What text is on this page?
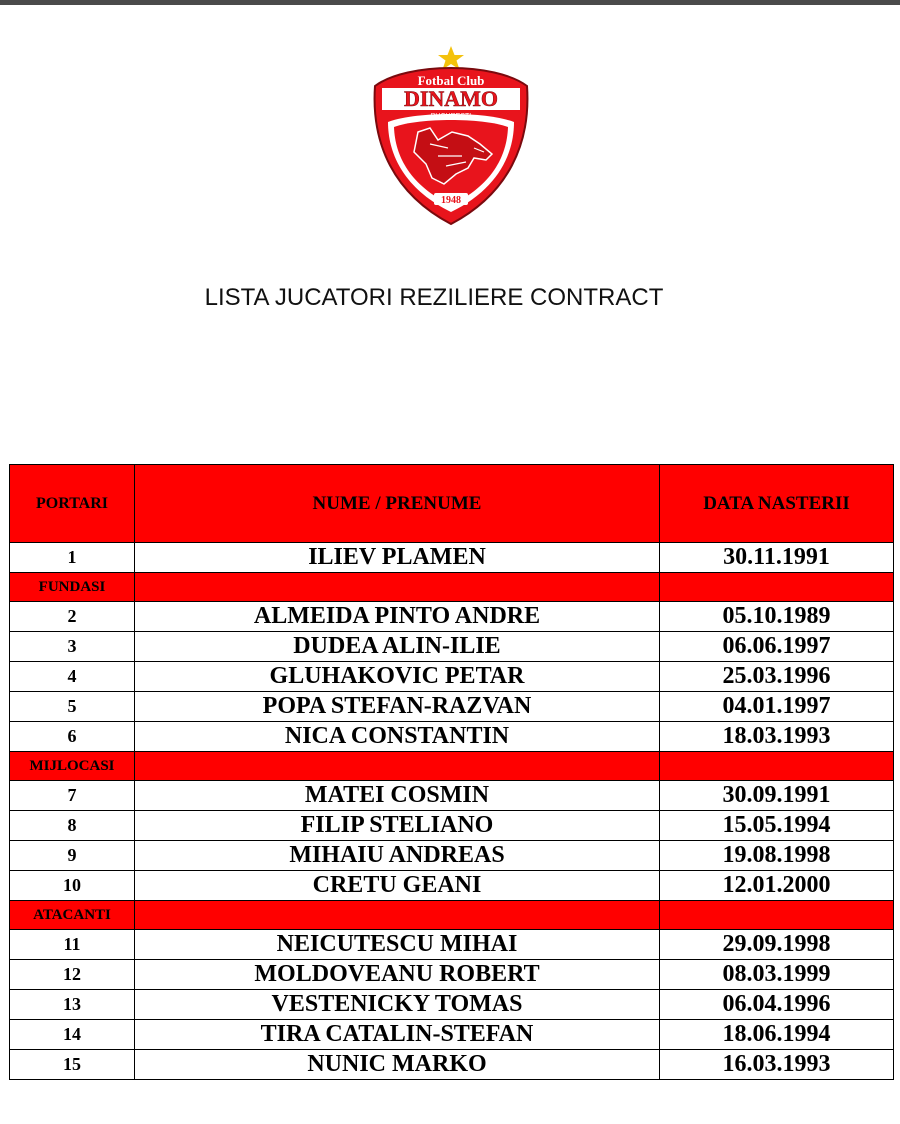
Fotbal Club
DINAMO
BUCURESTI
1948
LISTA JUCATORI REZILIERE CONTRACT
PORTARI	NUME / PRENUME	DATA NASTERII
1	ILIEV PLAMEN	30.11.1991
FUNDASI		
2	ALMEIDA PINTO ANDRE	05.10.1989
3	DUDEA ALIN-ILIE	06.06.1997
4	GLUHAKOVIC PETAR	25.03.1996
5	POPA STEFAN-RAZVAN	04.01.1997
6	NICA CONSTANTIN	18.03.1993
MIJLOCASI		
7	MATEI COSMIN	30.09.1991
8	FILIP STELIANO	15.05.1994
9	MIHAIU ANDREAS	19.08.1998
10	CRETU GEANI	12.01.2000
ATACANTI		
11	NEICUTESCU MIHAI	29.09.1998
12	MOLDOVEANU ROBERT	08.03.1999
13	VESTENICKY TOMAS	06.04.1996
14	TIRA CATALIN-STEFAN	18.06.1994
15	NUNIC MARKO	16.03.1993
